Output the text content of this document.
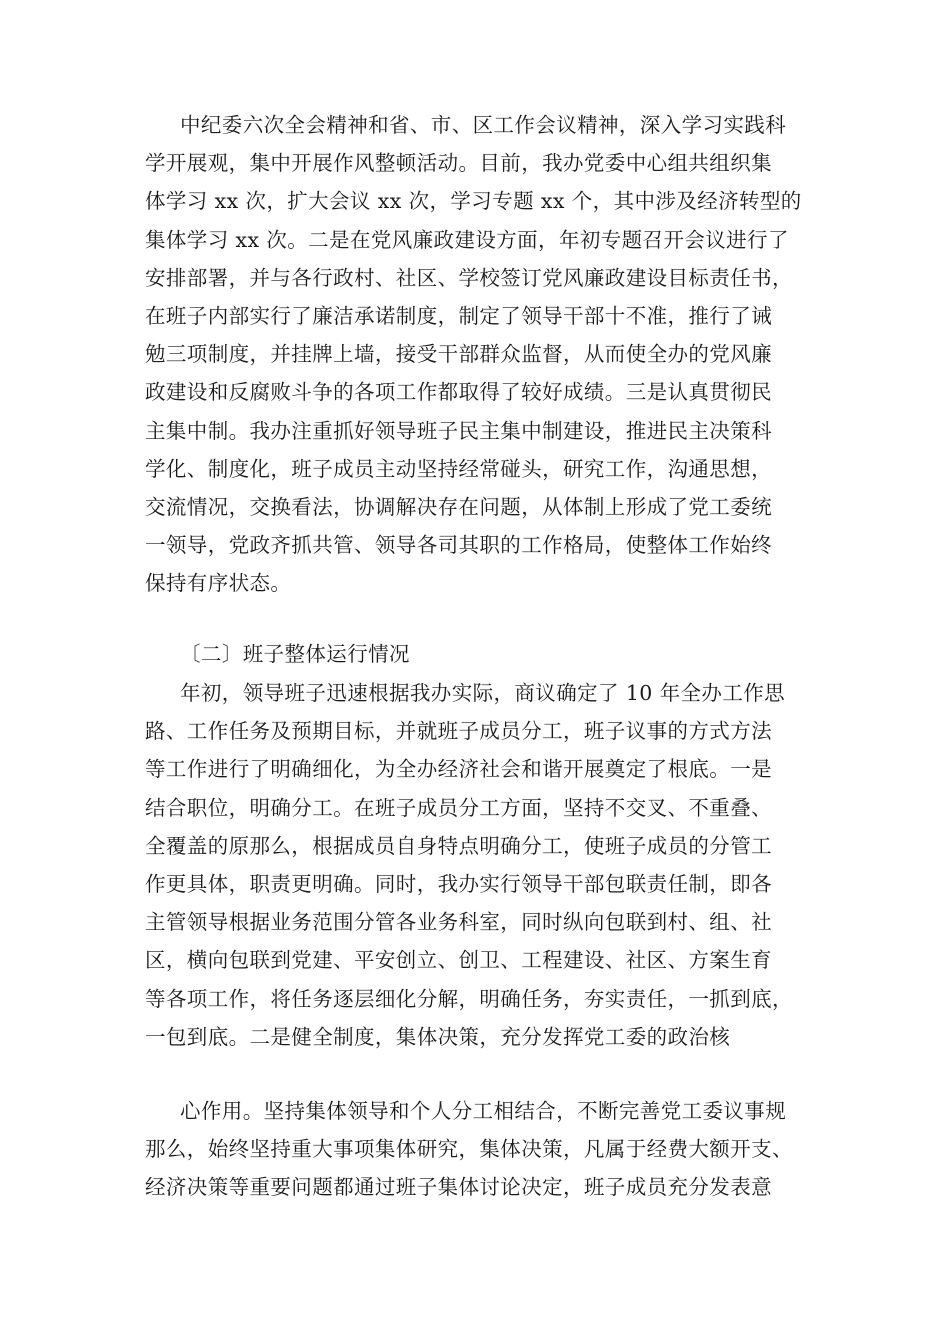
中纪委六次全会精神和省、市、区工作会议精神，深入学习实践科
学开展观，集中开展作风整顿活动。目前，我办党委中心组共组织集
体学习 xx 次，扩大会议 xx 次，学习专题 xx 个，其中涉及经济转型的
集体学习 xx 次。二是在党风廉政建设方面，年初专题召开会议进行了
安排部署，并与各行政村、社区、学校签订党风廉政建设目标责任书，
在班子内部实行了廉洁承诺制度，制定了领导干部十不准，推行了诫
勉三项制度，并挂牌上墙，接受干部群众监督，从而使全办的党风廉
政建设和反腐败斗争的各项工作都取得了较好成绩。三是认真贯彻民
主集中制。我办注重抓好领导班子民主集中制建设，推进民主决策科
学化、制度化，班子成员主动坚持经常碰头，研究工作，沟通思想，
交流情况，交换看法，协调解决存在问题，从体制上形成了党工委统
一领导，党政齐抓共管、领导各司其职的工作格局，使整体工作始终
保持有序状态。
〔二〕班子整体运行情况
年初，领导班子迅速根据我办实际，商议确定了 10 年全办工作思
路、工作任务及预期目标，并就班子成员分工，班子议事的方式方法
等工作进行了明确细化，为全办经济社会和谐开展奠定了根底。一是
结合职位，明确分工。在班子成员分工方面，坚持不交叉、不重叠、
全覆盖的原那么，根据成员自身特点明确分工，使班子成员的分管工
作更具体，职责更明确。同时，我办实行领导干部包联责任制，即各
主管领导根据业务范围分管各业务科室，同时纵向包联到村、组、社
区，横向包联到党建、平安创立、创卫、工程建设、社区、方案生育
等各项工作，将任务逐层细化分解，明确任务，夯实责任，一抓到底，
一包到底。二是健全制度，集体决策，充分发挥党工委的政治核
心作用。坚持集体领导和个人分工相结合，不断完善党工委议事规
那么，始终坚持重大事项集体研究，集体决策，凡属于经费大额开支、
经济决策等重要问题都通过班子集体讨论决定，班子成员充分发表意
